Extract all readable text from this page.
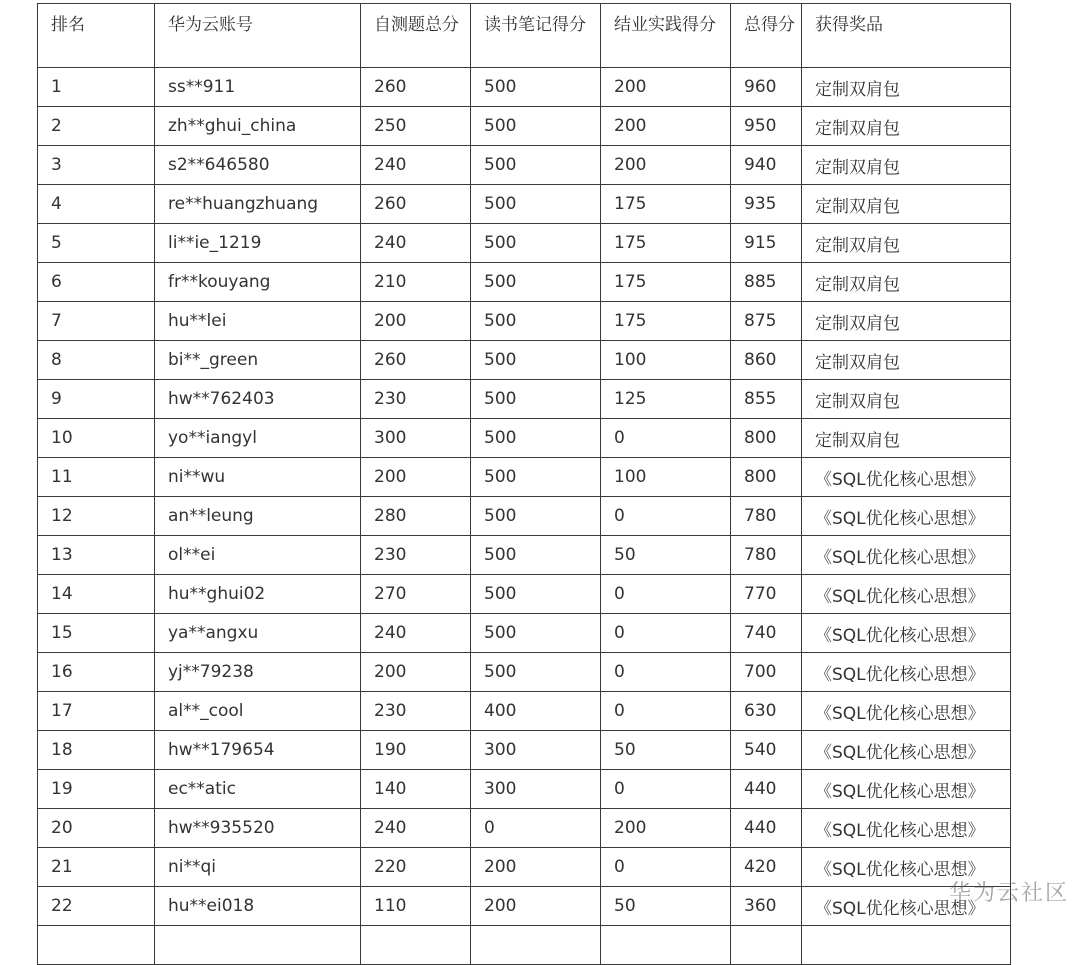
排名	华为云账号	自测题总分	读书笔记得分	结业实践得分	总得分	获得奖品
1	ss**911	260	500	200	960	定制双肩包
2	zh**ghui_china	250	500	200	950	定制双肩包
3	s2**646580	240	500	200	940	定制双肩包
4	re**huangzhuang	260	500	175	935	定制双肩包
5	li**ie_1219	240	500	175	915	定制双肩包
6	fr**kouyang	210	500	175	885	定制双肩包
7	hu**lei	200	500	175	875	定制双肩包
8	bi**_green	260	500	100	860	定制双肩包
9	hw**762403	230	500	125	855	定制双肩包
10	yo**iangyl	300	500	0	800	定制双肩包
11	ni**wu	200	500	100	800	《SQL优化核心思想》
12	an**leung	280	500	0	780	《SQL优化核心思想》
13	ol**ei	230	500	50	780	《SQL优化核心思想》
14	hu**ghui02	270	500	0	770	《SQL优化核心思想》
15	ya**angxu	240	500	0	740	《SQL优化核心思想》
16	yj**79238	200	500	0	700	《SQL优化核心思想》
17	al**_cool	230	400	0	630	《SQL优化核心思想》
18	hw**179654	190	300	50	540	《SQL优化核心思想》
19	ec**atic	140	300	0	440	《SQL优化核心思想》
20	hw**935520	240	0	200	440	《SQL优化核心思想》
21	ni**qi	220	200	0	420	《SQL优化核心思想》
22	hu**ei018	110	200	50	360	《SQL优化核心思想》

华为云社区
